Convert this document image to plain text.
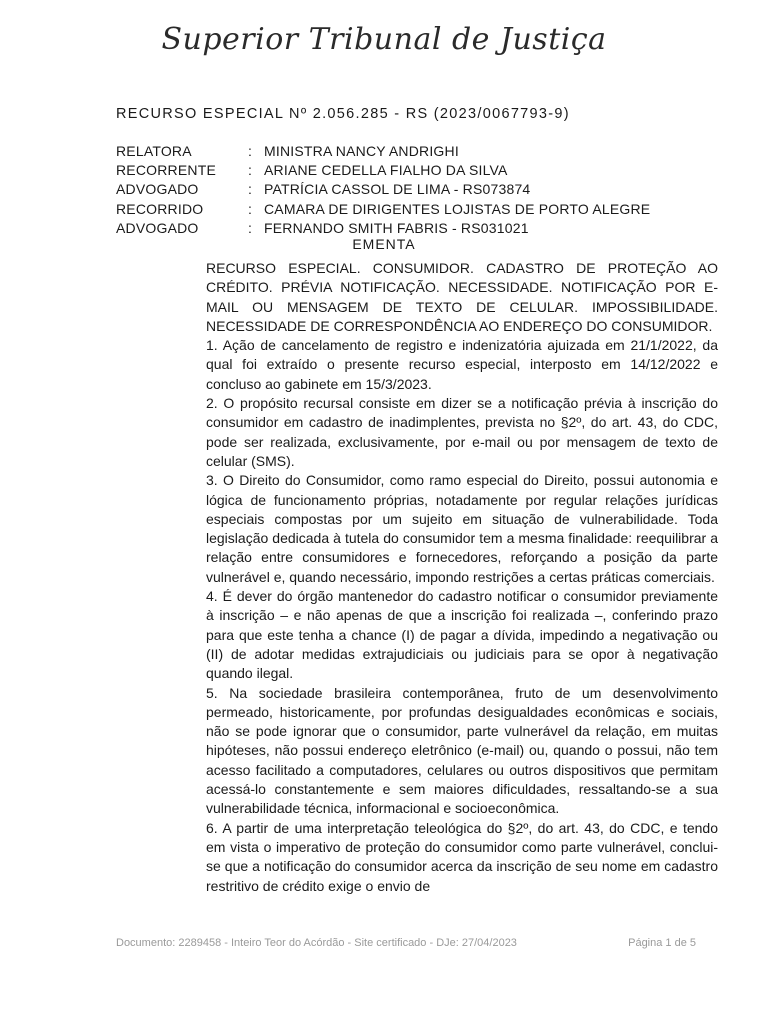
Superior Tribunal de Justiça
RECURSO ESPECIAL Nº 2.056.285 - RS (2023/0067793-9)
RELATORA	: MINISTRA NANCY ANDRIGHI
RECORRENTE	: ARIANE CEDELLA FIALHO DA SILVA
ADVOGADO	: PATRÍCIA CASSOL DE LIMA - RS073874
RECORRIDO	: CAMARA DE DIRIGENTES LOJISTAS DE PORTO ALEGRE
ADVOGADO	: FERNANDO SMITH FABRIS - RS031021
EMENTA

RECURSO ESPECIAL. CONSUMIDOR. CADASTRO DE PROTEÇÃO AO CRÉDITO. PRÉVIA NOTIFICAÇÃO. NECESSIDADE. NOTIFICAÇÃO POR E-MAIL OU MENSAGEM DE TEXTO DE CELULAR. IMPOSSIBILIDADE. NECESSIDADE DE CORRESPONDÊNCIA AO ENDEREÇO DO CONSUMIDOR.

1. Ação de cancelamento de registro e indenizatória ajuizada em 21/1/2022, da qual foi extraído o presente recurso especial, interposto em 14/12/2022 e concluso ao gabinete em 15/3/2023.

2. O propósito recursal consiste em dizer se a notificação prévia à inscrição do consumidor em cadastro de inadimplentes, prevista no §2º, do art. 43, do CDC, pode ser realizada, exclusivamente, por e-mail ou por mensagem de texto de celular (SMS).

3. O Direito do Consumidor, como ramo especial do Direito, possui autonomia e lógica de funcionamento próprias, notadamente por regular relações jurídicas especiais compostas por um sujeito em situação de vulnerabilidade. Toda legislação dedicada à tutela do consumidor tem a mesma finalidade: reequilibrar a relação entre consumidores e fornecedores, reforçando a posição da parte vulnerável e, quando necessário, impondo restrições a certas práticas comerciais.

4. É dever do órgão mantenedor do cadastro notificar o consumidor previamente à inscrição – e não apenas de que a inscrição foi realizada –, conferindo prazo para que este tenha a chance (I) de pagar a dívida, impedindo a negativação ou (II) de adotar medidas extrajudiciais ou judiciais para se opor à negativação quando ilegal.

5. Na sociedade brasileira contemporânea, fruto de um desenvolvimento permeado, historicamente, por profundas desigualdades econômicas e sociais, não se pode ignorar que o consumidor, parte vulnerável da relação, em muitas hipóteses, não possui endereço eletrônico (e-mail) ou, quando o possui, não tem acesso facilitado a computadores, celulares ou outros dispositivos que permitam acessá-lo constantemente e sem maiores dificuldades, ressaltando-se a sua vulnerabilidade técnica, informacional e socioeconômica.

6. A partir de uma interpretação teleológica do §2º, do art. 43, do CDC, e tendo em vista o imperativo de proteção do consumidor como parte vulnerável, conclui-se que a notificação do consumidor acerca da inscrição de seu nome em cadastro restritivo de crédito exige o envio de

Documento: 2289458 - Inteiro Teor do Acórdão - Site certificado - DJe: 27/04/2023	Página 1 de 5
